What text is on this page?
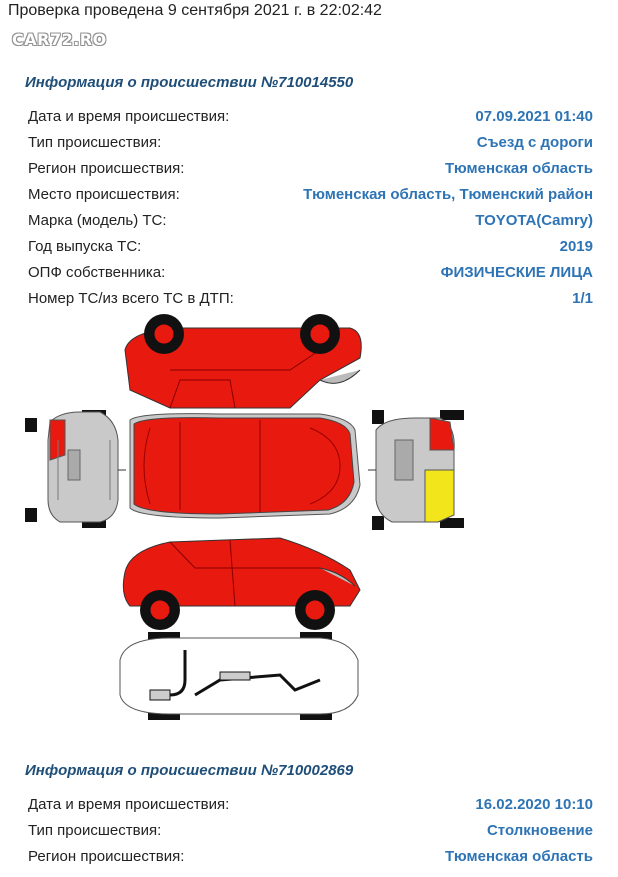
Проверка проведена 9 сентября 2021 г. в 22:02:42
CAR72.RO
Информация о происшествии №710014550
Дата и время происшествия:	07.09.2021 01:40
Тип происшествия:	Съезд с дороги
Регион происшествия:	Тюменская область
Место происшествия:	Тюменская область, Тюменский район
Марка (модель) ТС:	TOYOTA(Camry)
Год выпуска ТС:	2019
ОПФ собственника:	ФИЗИЧЕСКИЕ ЛИЦА
Номер ТС/из всего ТС в ДТП:	1/1
Информация о происшествии №710002869
Дата и время происшествия:	16.02.2020 10:10
Тип происшествия:	Столкновение
Регион происшествия:	Тюменская область
